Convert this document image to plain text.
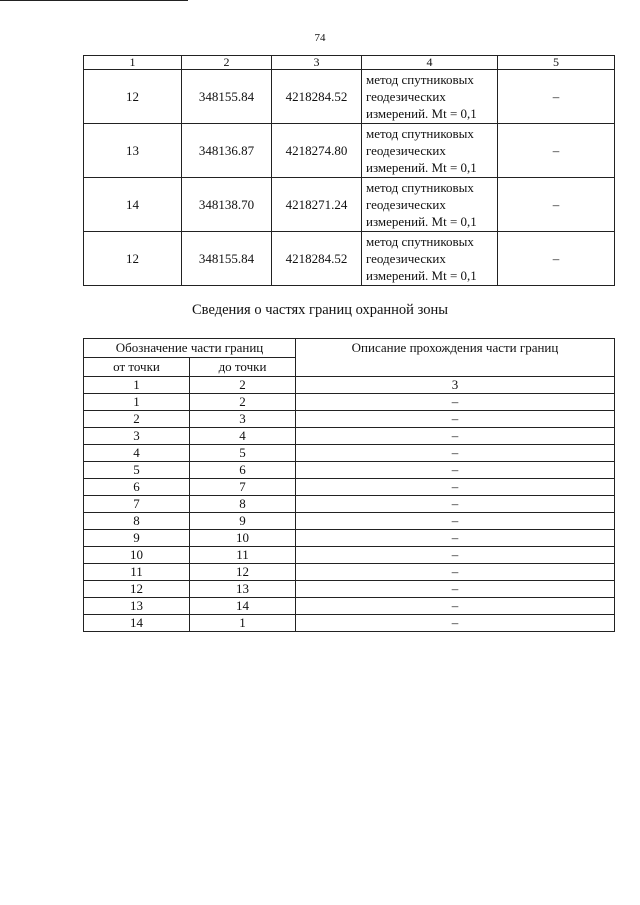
74
1	2	3	4	5
12	348155.84	4218284.52	метод спутниковых
геодезических
измерений. Mt = 0,1	–
13	348136.87	4218274.80	метод спутниковых
геодезических
измерений. Mt = 0,1	–
14	348138.70	4218271.24	метод спутниковых
геодезических
измерений. Mt = 0,1	–
12	348155.84	4218284.52	метод спутниковых
геодезических
измерений. Mt = 0,1	–
Сведения о частях границ охранной зоны
Обозначение части границ		Описание прохождения части границ
от точки	до точки	
1	2	3
1	2	–
2	3	–
3	4	–
4	5	–
5	6	–
6	7	–
7	8	–
8	9	–
9	10	–
10	11	–
11	12	–
12	13	–
13	14	–
14	1	–
